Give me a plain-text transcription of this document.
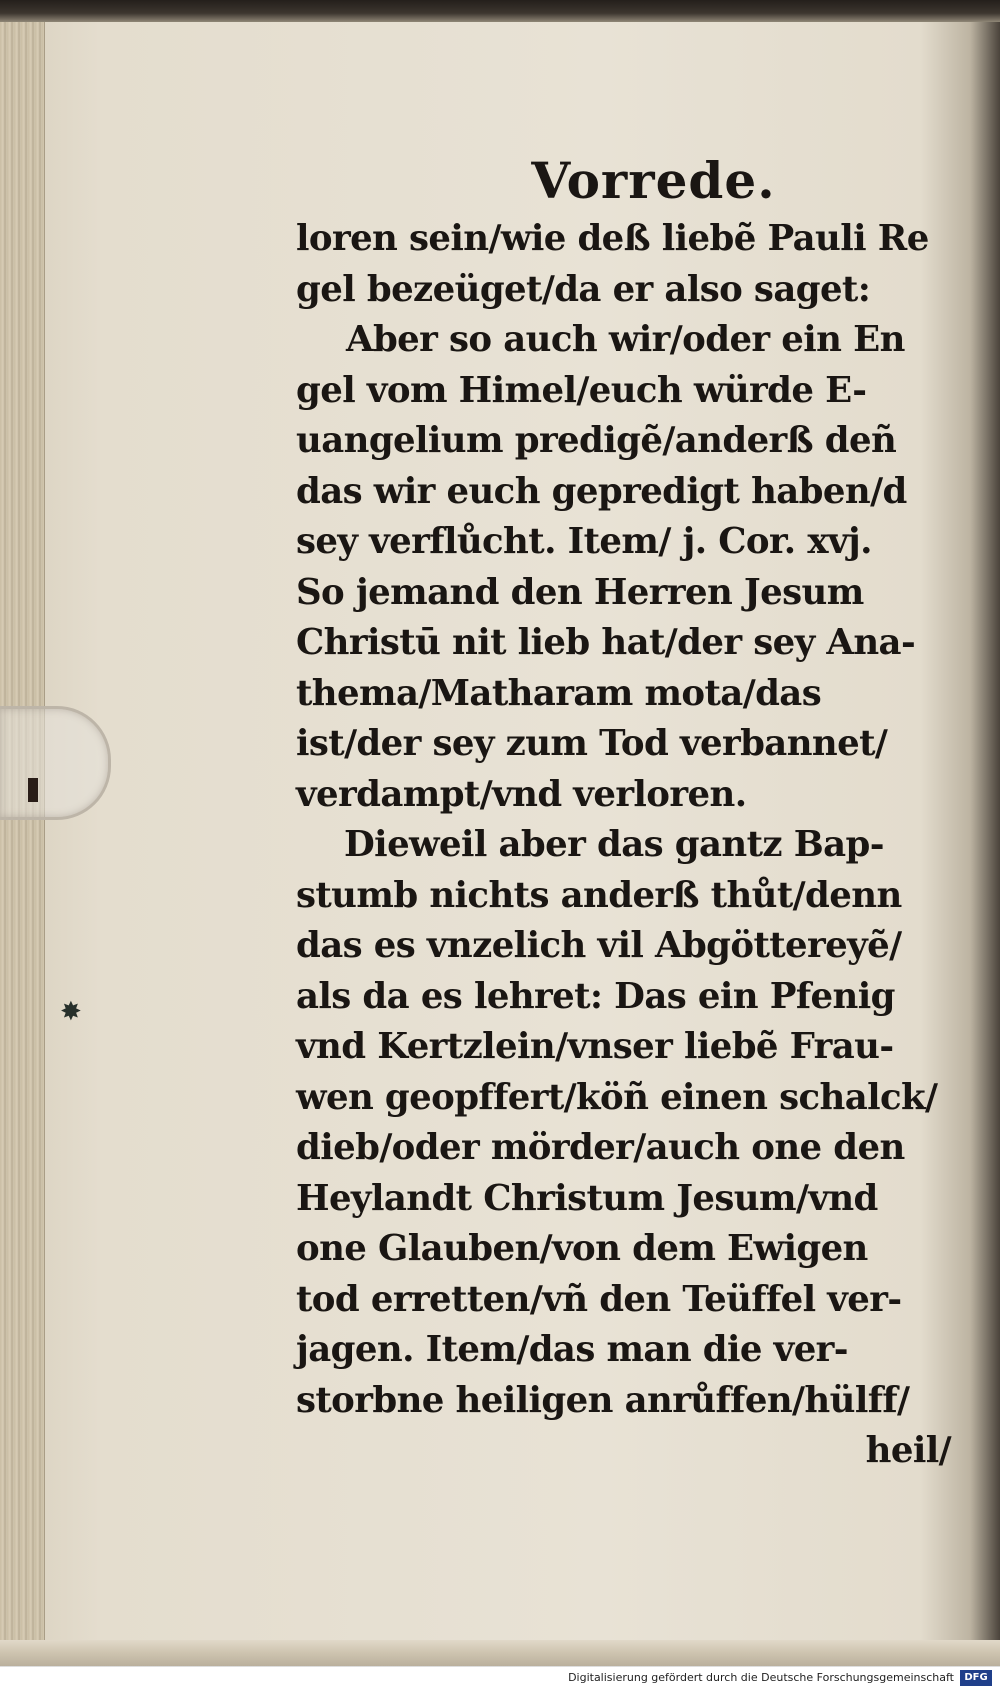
✸
Vorrede.
loren sein/wie deß liebẽ Pauli Re
gel bezeüget/da er also saget:
Aber so auch wir/oder ein En
gel vom Himel/euch würde E-
uangelium predigẽ/anderß deñ
das wir euch gepredigt haben/d
sey verflůcht. Item/ j. Cor. xvj.
So jemand den Herren Jesum
Christū nit lieb hat/der sey Ana-
thema/Matharam mota/das
ist/der sey zum Tod verbannet/
verdampt/vnd verloren.
Dieweil aber das gantz Bap-
stumb nichts anderß thůt/denn
das es vnzelich vil Abgöttereyẽ/
als da es lehret: Das ein Pfenig
vnd Kertzlein/vnser liebẽ Frau-
wen geopffert/köñ einen schalck/
dieb/oder mörder/auch one den
Heylandt Christum Jesum/vnd
one Glauben/von dem Ewigen
tod erretten/vñ den Teüffel ver-
jagen. Item/das man die ver-
storbne heiligen anrůffen/hülff/
heil/
Digitalisierung gefördert durch die Deutsche Forschungsgemeinschaft	DFG
